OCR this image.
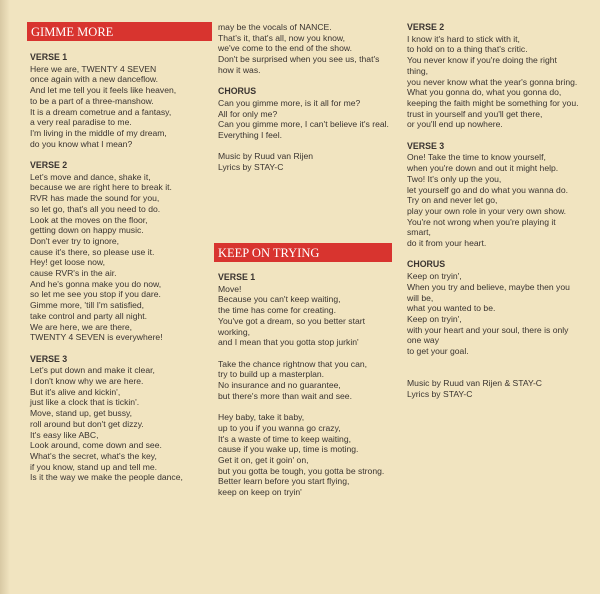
GIMME MORE
VERSE 1
Here we are, TWENTY 4 SEVEN
once again with a new danceflow.
And let me tell you it feels like heaven,
to be a part of a three-manshow.
It is a dream cometrue and a fantasy,
a very real paradise to me.
I'm living in the middle of my dream,
do you know what I mean?
VERSE 2
Let's move and dance, shake it,
because we are right here to break it.
RVR has made the sound for you,
so let go, that's all you need to do.
Look at the moves on the floor,
getting down on happy music.
Don't ever try to ignore,
cause it's there, so please use it.
Hey! get loose now,
cause RVR's in the air.
And he's gonna make you do now,
so let me see you stop if you dare.
Gimme more, 'till I'm satisfied,
take control and party all night.
We are here, we are there,
TWENTY 4 SEVEN is everywhere!
VERSE 3
Let's put down and make it clear,
I don't know why we are here.
But it's alive and kickin',
just like a clock that is tickin'.
Move, stand up, get bussy,
roll around but don't get dizzy.
It's easy like ABC,
Look around, come down and see.
What's the secret, what's the key,
if you know, stand up and tell me.
Is it the way we make the people dance,
may be the vocals of NANCE.
That's it, that's all, now you know,
we've come to the end of the show.
Don't be surprised when you see us, that's
how it was.
CHORUS
Can you gimme more, is it all for me?
All for only me?
Can you gimme more, I can't believe it's real.
Everything I feel.
Music by Ruud van Rijen
Lyrics by STAY-C
KEEP ON TRYING
VERSE 1
Move!
Because you can't keep waiting,
the time has come for creating.
You've got a dream, so you better start
working,
and I mean that you gotta stop jurkin'
Take the chance rightnow that you can,
try to build up a masterplan.
No insurance and no guarantee,
but there's more than wait and see.
Hey baby, take it baby,
up to you if you wanna go crazy,
It's a waste of time to keep waiting,
cause if you wake up, time is moting.
Get it on, get it goin' on,
but you gotta be tough, you gotta be strong.
Better learn before you start flying,
keep on keep on tryin'
VERSE 2
I know it's hard to stick with it,
to hold on to a thing that's critic.
You never know if you're doing the right
thing,
you never know what the year's gonna bring.
What you gonna do, what you gonna do,
keeping the faith might be something for you.
trust in yourself and you'll get there,
or you'll end up nowhere.
VERSE 3
One! Take the time to know yourself,
when you're down and out it might help.
Two! It's only up the you,
let yourself go and do what you wanna do.
Try on and never let go,
play your own role in your very own show.
You're not wrong when you're playing it
smart,
do it from your heart.
CHORUS
Keep on tryin',
When you try and believe, maybe then you
will be,
what you wanted to be.
Keep on tryin',
with your heart and your soul, there is only
one way
to get your goal.
Music by Ruud van Rijen & STAY-C
Lyrics by STAY-C
